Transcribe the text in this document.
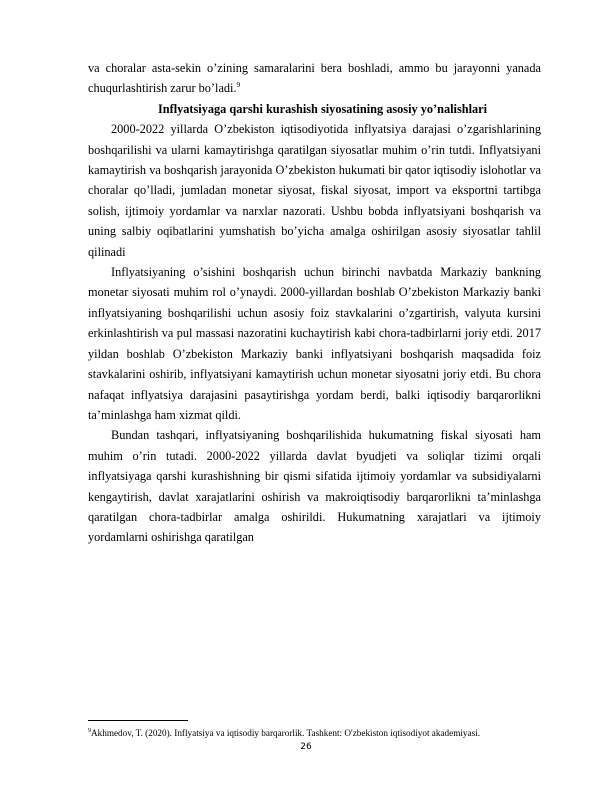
va choralar asta-sekin o’zining samaralarini bera boshladi, ammo bu jarayonni yanada chuqurlashtirish zarur bo’ladi.$^9$

Inflyatsiyaga qarshi kurashish siyosatining asosiy yo’nalishlari

2000-2022 yillarda O’zbekiston iqtisodiyotida inflyatsiya darajasi o’zgarishlarining boshqarilishi va ularni kamaytirishga qaratilgan siyosatlar muhim o’rin tutdi. Inflyatsiyani kamaytirish va boshqarish jarayonida O’zbekiston hukumati bir qator iqtisodiy islohotlar va choralar qo’lladi, jumladan monetar siyosat, fiskal siyosat, import va eksportni tartibga solish, ijtimoiy yordamlar va narxlar nazorati. Ushbu bobda inflyatsiyani boshqarish va uning salbiy oqibatlarini yumshatish bo’yicha amalga oshirilgan asosiy siyosatlar tahlil qilinadi

Inflyatsiyaning o’sishini boshqarish uchun birinchi navbatda Markaziy bankning monetar siyosati muhim rol o’ynaydi. 2000-yillardan boshlab O’zbekiston Markaziy banki inflyatsiyaning boshqarilishi uchun asosiy foiz stavkalarini o’zgartirish, valyuta kursini erkinlashtirish va pul massasi nazoratini kuchaytirish kabi chora-tadbirlarni joriy etdi. 2017 yildan boshlab O’zbekiston Markaziy banki inflyatsiyani boshqarish maqsadida foiz stavkalarini oshirib, inflyatsiyani kamaytirish uchun monetar siyosatni joriy etdi. Bu chora nafaqat inflyatsiya darajasini pasaytirishga yordam berdi, balki iqtisodiy barqarorlikni ta’minlashga ham xizmat qildi.

Bundan tashqari, inflyatsiyaning boshqarilishida hukumatning fiskal siyosati ham muhim o’rin tutadi. 2000-2022 yillarda davlat byudjeti va soliqlar tizimi orqali inflyatsiyaga qarshi kurashishning bir qismi sifatida ijtimoiy yordamlar va subsidiyalarni kengaytirish, davlat xarajatlarini oshirish va makroiqtisodiy barqarorlikni ta’minlashga qaratilgan chora-tadbirlar amalga oshirildi. Hukumatning xarajatlari va ijtimoiy yordamlarni oshirishga qaratilgan

$^9$Akhmedov, T. (2020). Inflyatsiya va iqtisodiy barqarorlik. Tashkent: O'zbekiston iqtisodiyot akademiyasi.

26
